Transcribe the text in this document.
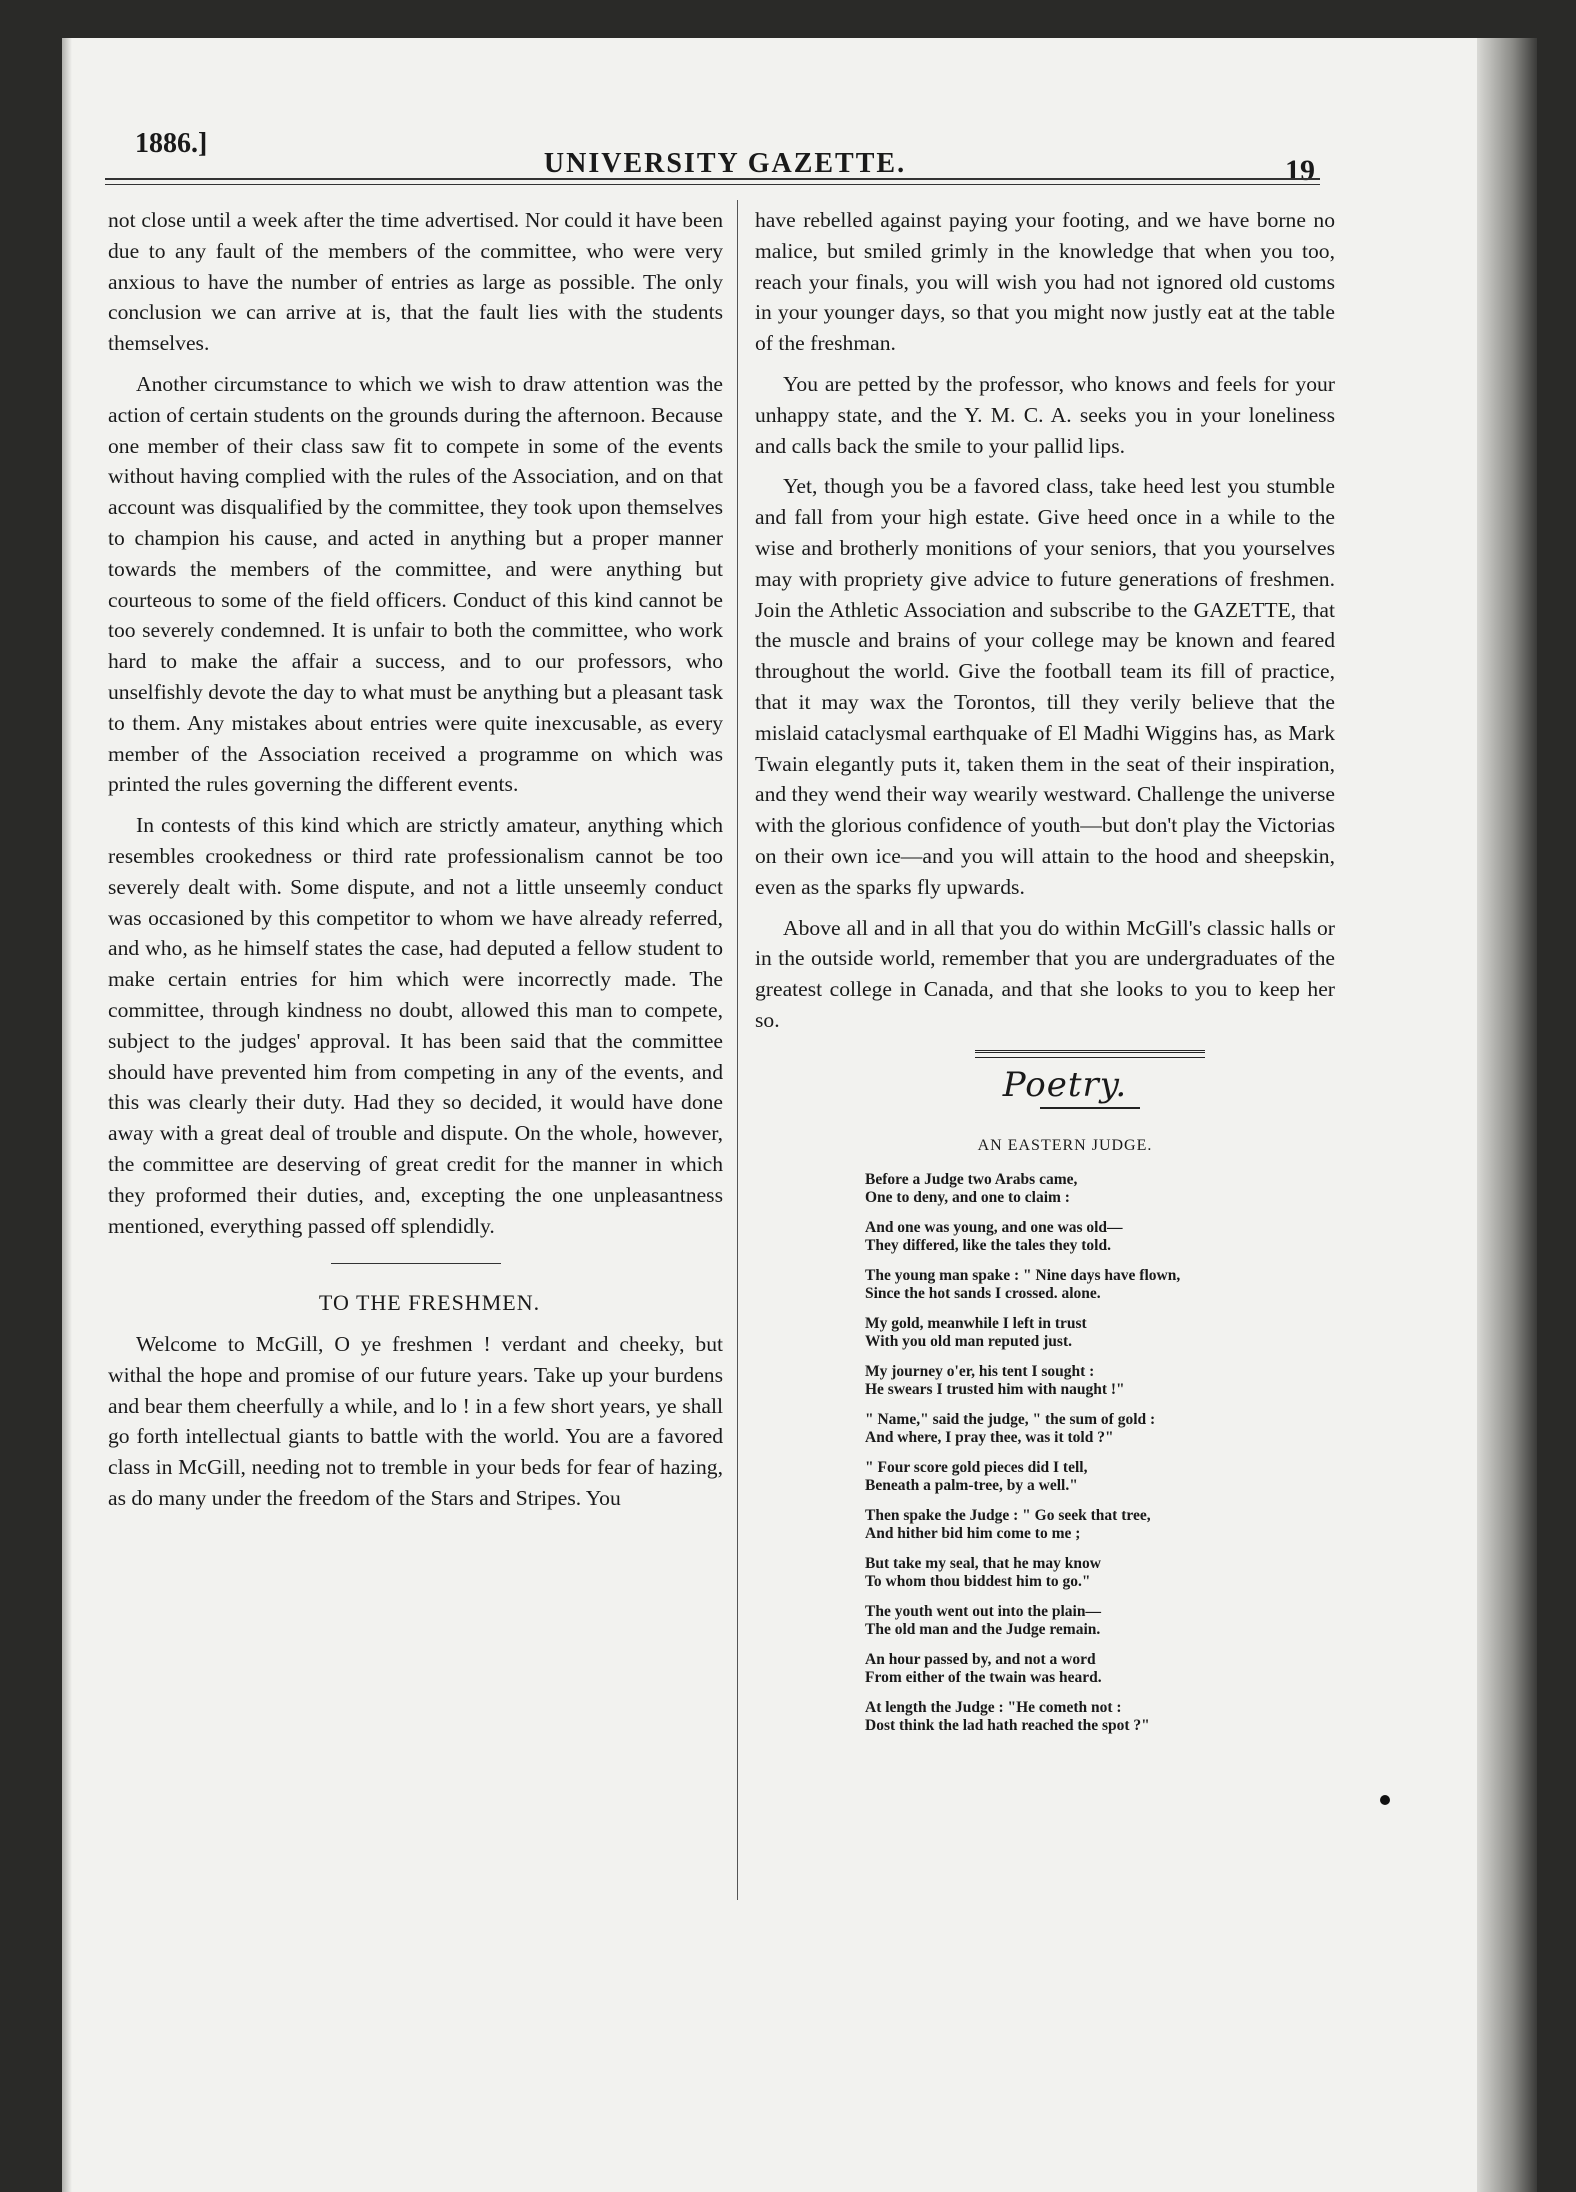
1886.]
UNIVERSITY GAZETTE.	19

not close until a week after the time advertised. Nor could it have been due to any fault of the members of the committee, who were very anxious to have the number of entries as large as possible. The only conclusion we can arrive at is, that the fault lies with the students themselves.

Another circumstance to which we wish to draw attention was the action of certain students on the grounds during the afternoon. Because one member of their class saw fit to compete in some of the events without having complied with the rules of the Association, and on that account was disqualified by the committee, they took upon themselves to champion his cause, and acted in anything but a proper manner towards the members of the committee, and were anything but courteous to some of the field officers. Conduct of this kind cannot be too severely condemned. It is unfair to both the committee, who work hard to make the affair a success, and to our professors, who unselfishly devote the day to what must be anything but a pleasant task to them. Any mistakes about entries were quite inexcusable, as every member of the Association received a programme on which was printed the rules governing the different events.

In contests of this kind which are strictly amateur, anything which resembles crookedness or third rate professionalism cannot be too severely dealt with. Some dispute, and not a little unseemly conduct was occasioned by this competitor to whom we have already referred, and who, as he himself states the case, had deputed a fellow student to make certain entries for him which were incorrectly made. The committee, through kindness no doubt, allowed this man to compete, subject to the judges' approval. It has been said that the committee should have prevented him from competing in any of the events, and this was clearly their duty. Had they so decided, it would have done away with a great deal of trouble and dispute. On the whole, however, the committee are deserving of great credit for the manner in which they proformed their duties, and, excepting the one unpleasantness mentioned, everything passed off splendidly.

TO THE FRESHMEN.

Welcome to McGill, O ye freshmen ! verdant and cheeky, but withal the hope and promise of our future years. Take up your burdens and bear them cheerfully a while, and lo ! in a few short years, ye shall go forth intellectual giants to battle with the world. You are a favored class in McGill, needing not to tremble in your beds for fear of hazing, as do many under the freedom of the Stars and Stripes. You

have rebelled against paying your footing, and we have borne no malice, but smiled grimly in the knowledge that when you too, reach your finals, you will wish you had not ignored old customs in your younger days, so that you might now justly eat at the table of the freshman.

You are petted by the professor, who knows and feels for your unhappy state, and the Y. M. C. A. seeks you in your loneliness and calls back the smile to your pallid lips.

Yet, though you be a favored class, take heed lest you stumble and fall from your high estate. Give heed once in a while to the wise and brotherly monitions of your seniors, that you yourselves may with propriety give advice to future generations of freshmen. Join the Athletic Association and subscribe to the GAZETTE, that the muscle and brains of your college may be known and feared throughout the world. Give the football team its fill of practice, that it may wax the Torontos, till they verily believe that the mislaid cataclysmal earthquake of El Madhi Wiggins has, as Mark Twain elegantly puts it, taken them in the seat of their inspiration, and they wend their way wearily westward. Challenge the universe with the glorious confidence of youth—but don't play the Victorias on their own ice—and you will attain to the hood and sheepskin, even as the sparks fly upwards.

Above all and in all that you do within McGill's classic halls or in the outside world, remember that you are undergraduates of the greatest college in Canada, and that she looks to you to keep her so.

Poetry.
AN EASTERN JUDGE.
Before a Judge two Arabs came,
One to deny, and one to claim :
And one was young, and one was old—
They differed, like the tales they told.
The young man spake : " Nine days have flown,
Since the hot sands I crossed. alone.
My gold, meanwhile I left in trust
With you old man reputed just.
My journey o'er, his tent I sought :
He swears I trusted him with naught !"
" Name," said the judge, " the sum of gold :
And where, I pray thee, was it told ?"
" Four score gold pieces did I tell,
Beneath a palm-tree, by a well."
Then spake the Judge : " Go seek that tree,
And hither bid him come to me ;
But take my seal, that he may know
To whom thou biddest him to go."
The youth went out into the plain—
The old man and the Judge remain.
An hour passed by, and not a word
From either of the twain was heard.
At length the Judge : "He cometh not :
Dost think the lad hath reached the spot ?"
